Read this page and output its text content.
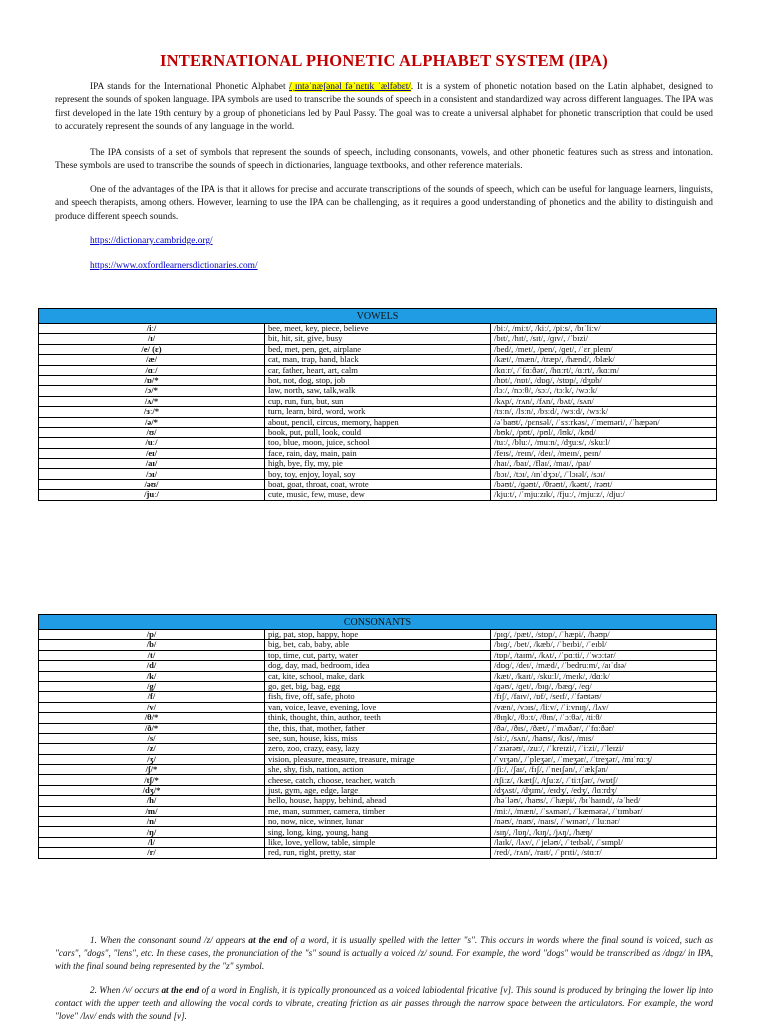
INTERNATIONAL PHONETIC ALPHABET SYSTEM (IPA)

IPA stands for the International Phonetic Alphabet /ˌɪntəˈnæʃənəl fəˈnɛtɪk ˈælfəbɛt/. It is a system of phonetic notation based on the Latin alphabet, designed to represent the sounds of spoken language. IPA symbols are used to transcribe the sounds of speech in a consistent and standardized way across different languages. The IPA was first developed in the late 19th century by a group of phoneticians led by Paul Passy. The goal was to create a universal alphabet for phonetic transcription that could be used to accurately represent the sounds of any language in the world.

The IPA consists of a set of symbols that represent the sounds of speech, including consonants, vowels, and other phonetic features such as stress and intonation. These symbols are used to transcribe the sounds of speech in dictionaries, language textbooks, and other reference materials.

One of the advantages of the IPA is that it allows for precise and accurate transcriptions of the sounds of speech, which can be useful for language learners, linguists, and speech therapists, among others. However, learning to use the IPA can be challenging, as it requires a good understanding of phonetics and the ability to distinguish and produce different speech sounds.

https://dictionary.cambridge.org/
https://www.oxfordlearnersdictionaries.com/
VOWELS		
/iː/	bee, meet, key, piece, believe	/biː/, /miːt/, /kiː/, /piːs/, /bɪˈliːv/
/ɪ/	bit, hit, sit, give, busy	/bɪt/, /hɪt/, /sɪt/, /ɡɪv/, /ˈbɪzi/
/e/ (ɛ)	bed, met, pen, get, airplane	/bed/, /met/, /pen/, /ɡet/, /ˈɛrˌpleɪn/
/æ/	cat, man, trap, hand, black	/kæt/, /mæn/, /træp/, /hænd/, /blæk/
/ɑː/	car, father, heart, art, calm	/kɑːr/, /ˈfɑːðər/, /hɑːrt/, /ɑːrt/, /kɑːm/
/ɒ/*	hot, not, dog, stop, job	/hɒt/, /nɒt/, /dɒɡ/, /stɒp/, /dʒɒb/
/ɔ/*	law, north, saw, talk,walk	/lɔː/, /nɔːθ/, /sɔː/, /tɔːk/, /wɔːk/
/ʌ/*	cup, run, fun, but, sun	/kʌp/, /rʌn/, /fʌn/, /bʌt/, /sʌn/
/ɜː/*	turn, learn, bird, word, work	/tɜːn/, /lɜːn/, /bɜːd/, /wɜːd/, /wɜːk/
/ə/*	about, pencil, circus, memory, happen	/əˈbaʊt/, /pɛnsəl/, /ˈsɜːrkəs/, /ˈmeməri/, /ˈhæpən/
/ʊ/	book, put, pull, look, could	/bʊk/, /pʊt/, /pʊl/, /lʊk/, /kʊd/
/uː/	too, blue, moon, juice, school	/tuː/, /bluː/, /muːn/, /dʒuːs/, /skuːl/
/eɪ/	face, rain, day, main, pain	/feɪs/, /reɪn/, /deɪ/, /meɪn/, peɪn/
/aɪ/	high, bye, fly, my, pie	/haɪ/, /baɪ/, /flaɪ/, /maɪ/, /paɪ/
/ɔɪ/	boy, toy, enjoy, loyal, soy	/bɔɪ/, /tɔɪ/, /ɪnˈdʒɔɪ/, /ˈlɔɪəl/, /sɔɪ/
/əʊ/	boat, goat, throat, coat, wrote	/bəʊt/, /ɡəʊt/, /θrəʊt/, /kəʊt/, /rəʊt/
/juː/	cute, music, few, muse, dew	/kjuːt/, /ˈmjuːzɪk/, /fjuː/, /mjuːz/, /djuː/
CONSONANTS		
/p/	pig, pat, stop, happy, hope	/pɪɡ/, /pæt/, /stɒp/, /ˈhæpi/, /həʊp/
/b/	big, bet, cab, baby, able	/bɪɡ/, /bet/, /kæb/, /ˈbeɪbi/, /ˈeɪbl/
/t/	top, time, cut, party, water	/tɒp/, /taɪm/, /kʌt/, /ˈpɑːti/, /ˈwɔːtər/
/d/	dog, day, mad, bedroom, idea	/dɒɡ/, /deɪ/, /mæd/, /ˈbedruːm/, /aɪˈdɪə/
/k/	cat, kite, school, make, dark	/kæt/, /kaɪt/, /skuːl/, /meɪk/, /dɑːk/
/g/	go, get, big, bag, egg	/ɡəʊ/, /ɡet/, /bɪɡ/, /bæɡ/, /eɡ/
/f/	fish, five, off, safe, photo	/fɪʃ/, /faɪv/, /ɒf/, /seɪf/, /ˈfəʊtəʊ/
/v/	van, voice, leave, evening, love	/væn/, /vɔɪs/, /liːv/, /ˈiːvnɪŋ/, /lʌv/
/θ/*	think, thought, thin, author, teeth	/θɪŋk/, /θɔːt/, /θɪn/, /ˈɔːθə/, /tiːθ/
/ð/*	the, this, that, mother, father	/ðə/, /ðɪs/, /ðæt/, /ˈmʌðər/, /ˈfɑːðər/
/s/	see, sun, house, kiss, miss	/siː/, /sʌn/, /haʊs/, /kɪs/, /mɪs/
/z/	zero, zoo, crazy, easy, lazy	/ˈzɪərəʊ/, /zuː/, /ˈkreɪzi/, /ˈiːzi/, /ˈleɪzi/
/ʒ/	vision, pleasure, measure, treasure, mirage	/ˈvɪʒən/, /ˈpleʒər/, /ˈmeʒər/, /ˈtreʒər/, /mɪˈrɑːʒ/
/ʃ/*	she, shy, fish, nation, action	/ʃiː/, /ʃaɪ/, /fɪʃ/, /ˈneɪʃən/, /ˈækʃən/
/tʃ/*	cheese, catch, choose, teacher, watch	/tʃiːz/, /kætʃ/, /tʃuːz/, /ˈtiːtʃər/, /wɒtʃ/
/dʒ/*	just, gym, age, edge, large	/dʒʌst/, /dʒɪm/, /eɪdʒ/, /edʒ/, /lɑːrdʒ/
/h/	hello, house, happy, behind, ahead	/həˈləʊ/, /haʊs/, /ˈhæpi/, /bɪˈhaɪnd/, /əˈhed/
/m/	me, man, summer, camera, timber	/miː/, /mæn/, /ˈsʌmər/, /ˈkæmərə/, /ˈtɪmbər/
/n/	no, now, nice, winner, lunar	/nəʊ/, /naʊ/, /naɪs/, /ˈwɪnər/, /ˈluːnər/
/ŋ/	sing, long, king, young, hang	/sɪŋ/, /lɒŋ/, /kɪŋ/, /jʌŋ/, /hæŋ/
/l/	like, love, yellow, table, simple	/laɪk/, /lʌv/, /ˈjeləʊ/, /ˈteɪbəl/, /ˈsɪmpl/
/r/	red, run, right, pretty, star	/red/, /rʌn/, /raɪt/, /ˈprɪti/, /stɑːr/

1. When the consonant sound /z/ appears at the end of a word, it is usually spelled with the letter "s". This occurs in words where the final sound is voiced, such as "cars", "dogs", "lens", etc. In these cases, the pronunciation of the "s" sound is actually a voiced /z/ sound. For example, the word "dogs" would be transcribed as /dɒɡz/ in IPA, with the final sound being represented by the "z" symbol.

2. When /v/ occurs at the end of a word in English, it is typically pronounced as a voiced labiodental fricative [v]. This sound is produced by bringing the lower lip into contact with the upper teeth and allowing the vocal cords to vibrate, creating friction as air passes through the narrow space between the articulators. For example, the word "love" /lʌv/ ends with the sound [v].
